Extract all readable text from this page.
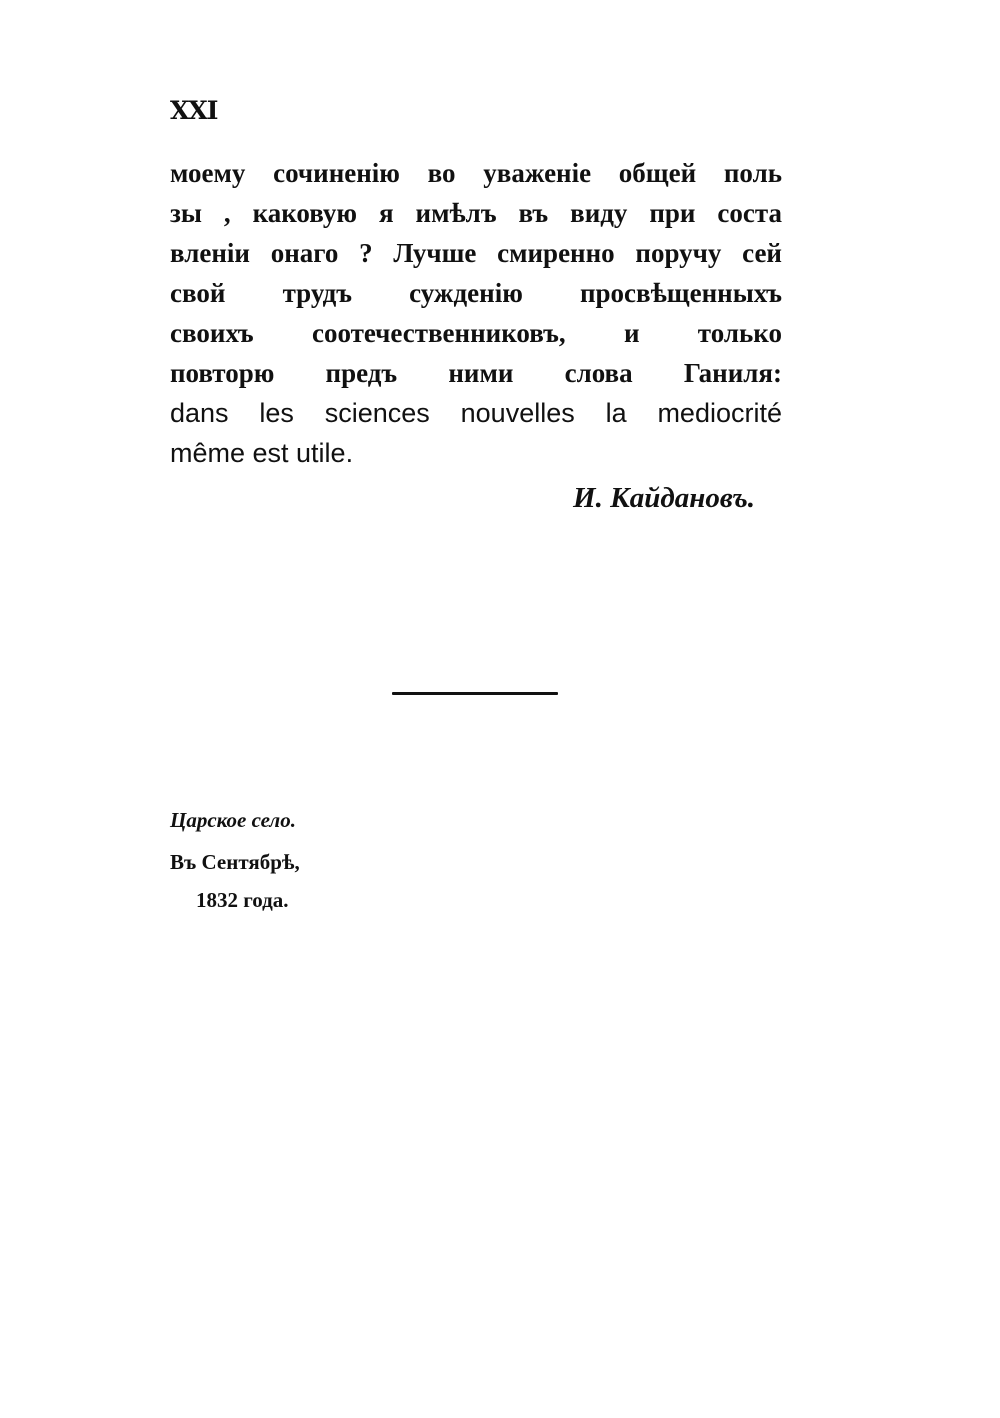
XXI
моему сочиненію во уваженіе общей поль
зы , каковую я имѣлъ въ виду при соста
вленіи онаго ? Лучше смиренно поручу сей
свой трудъ сужденію просвѣщенныхъ
своихъ соотечественниковъ, и только
повторю предъ ними слова Ганиля:
dans les sciences nouvelles la mediocrité
même est utile.
И. Кайдановъ.
Царское село.
Въ Сентябрѣ,
1832 года.
